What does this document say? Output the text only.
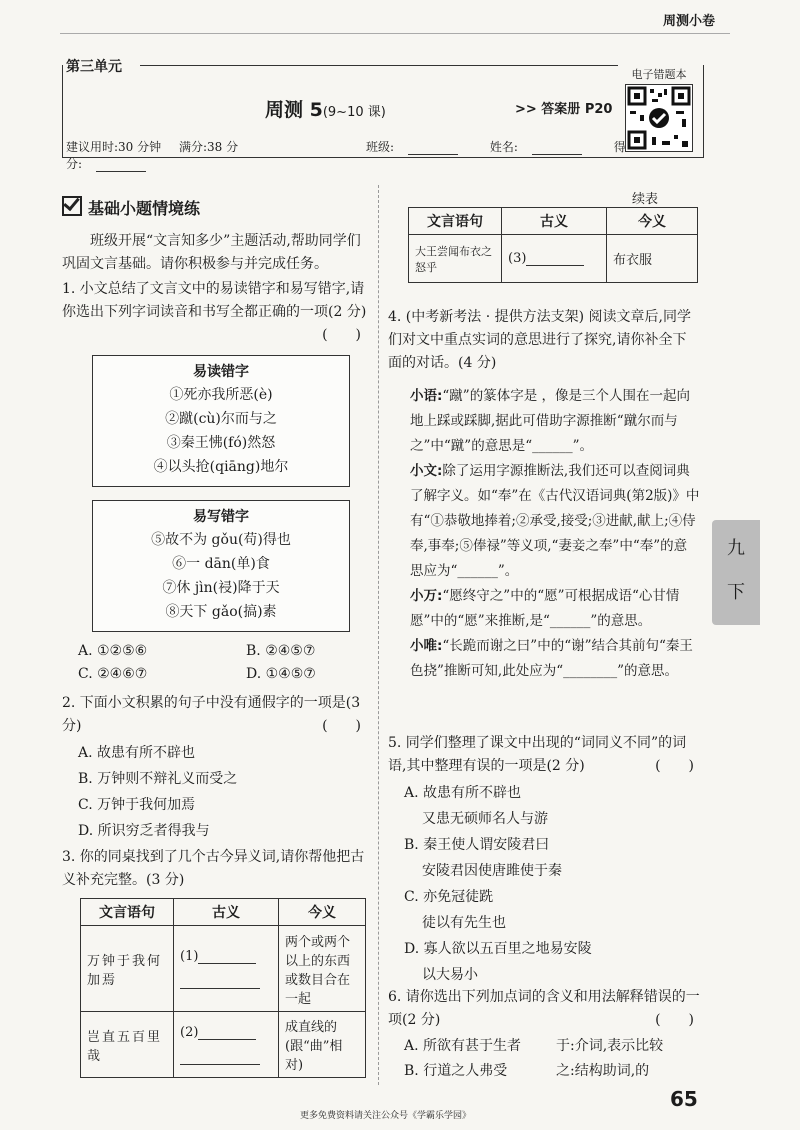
周测小卷
第三单元
周测 5(9~10 课)	>> 答案册 P20
电子错题本
建议用时:30 分钟 满分:38 分	班级:	姓名:	得分:
九
下
基础小题情境练
班级开展“文言知多少”主题活动,帮助同学们巩固文言基础。请你积极参与并完成任务。
1. 小文总结了文言文中的易读错字和易写错字,请你选出下列字词读音和书写全都正确的一项(2 分)
(　　)
易读错字
①死亦我所恶(è)
②蹴(cù)尔而与之
③秦王怫(fó)然怒
④以头抢(qiāng)地尔
易写错字
⑤故不为 gǒu(苟)得也
⑥一 dān(单)食
⑦休 jìn(祲)降于天
⑧天下 gǎo(搞)素
A. ①②⑤⑥	B. ②④⑤⑦
C. ②④⑥⑦	D. ①④⑤⑦
2. 下面小文积累的句子中没有通假字的一项是(3 分)	(　　)
A. 故患有所不辟也
B. 万钟则不辩礼义而受之
C. 万钟于我何加焉
D. 所识穷乏者得我与
3. 你的同桌找到了几个古今异义词,请你帮他把古义补充完整。(3 分)
文言语句	古义	今义
万钟于我何加焉	(1)	两个或两个以上的东西或数目合在一起
岂直五百里哉	(2)	成直线的(跟“曲”相对)
续表
文言语句	古义	今义
大王尝闻布衣之怒乎	(3)	布衣服
4. (中考新考法 · 提供方法支架) 阅读文章后,同学们对文中重点实词的意思进行了探究,请你补全下面的对话。(4 分)
小语:“蹴”的篆体字是 ，像是三个人围在一起向地上踩或踩脚,据此可借助字源推断“蹴尔而与之”中“蹴”的意思是“______”。
小文:除了运用字源推断法,我们还可以查阅词典了解字义。如“奉”在《古代汉语词典(第2版)》中有“①恭敬地捧着;②承受,接受;③进献,献上;④侍奉,事奉;⑤俸禄”等义项,“妻妾之奉”中“奉”的意思应为“______”。
小万:“愿终守之”中的“愿”可根据成语“心甘情愿”中的“愿”来推断,是“______”的意思。
小唯:“长跪而谢之曰”中的“谢”结合其前句“秦王色挠”推断可知,此处应为“________”的意思。
5. 同学们整理了课文中出现的“词同义不同”的词语,其中整理有误的一项是(2 分)	(　　)
A. 故患有所不辟也
又患无硕师名人与游
B. 秦王使人谓安陵君曰
安陵君因使唐雎使于秦
C. 亦免冠徒跣
徒以有先生也
D. 寡人欲以五百里之地易安陵
以大易小
6. 请你选出下列加点词的含义和用法解释错误的一项(2 分)	(　　)
A. 所欲有甚于生者 于:介词,表示比较
B. 行道之人弗受	之:结构助词,的
65
更多免费资料请关注公众号《学霸乐学园》
